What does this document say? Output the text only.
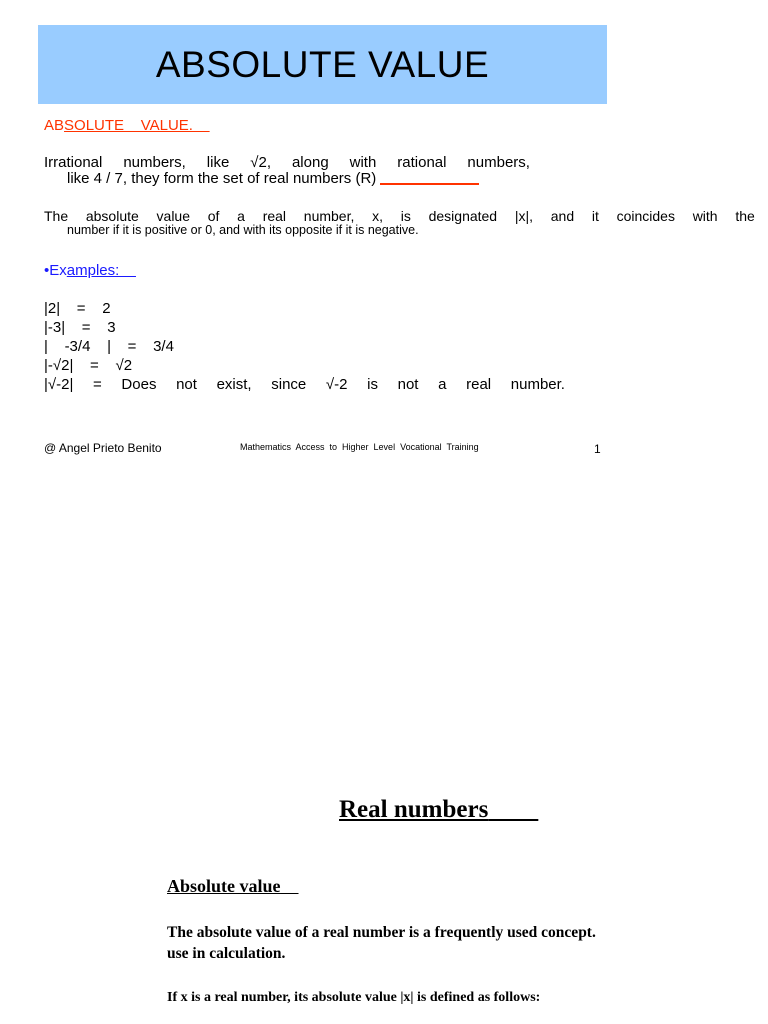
ABSOLUTE VALUE
ABSOLUTE    VALUE.
Irrational numbers, like √2, along with rational numbers,
like 4 / 7, they form the set of real numbers (R)
The absolute value of a real number, x, is designated |x|, and it coincides with the
number if it is positive or 0, and with its opposite if it is negative.
•Examples:
|2|    =    2
|-3|    =    3
|    -3/4    |    =    3/4
|-√2|    =    √2
|√-2| = Does not exist, since √-2 is not a real number.
@ Angel Prieto Benito	Mathematics  Access  to  Higher  Level  Vocational  Training	1
Real numbers
Absolute value
The absolute value of a real number is a frequently used concept.
use in calculation.
If x is a real number, its absolute value |x| is defined as follows:
